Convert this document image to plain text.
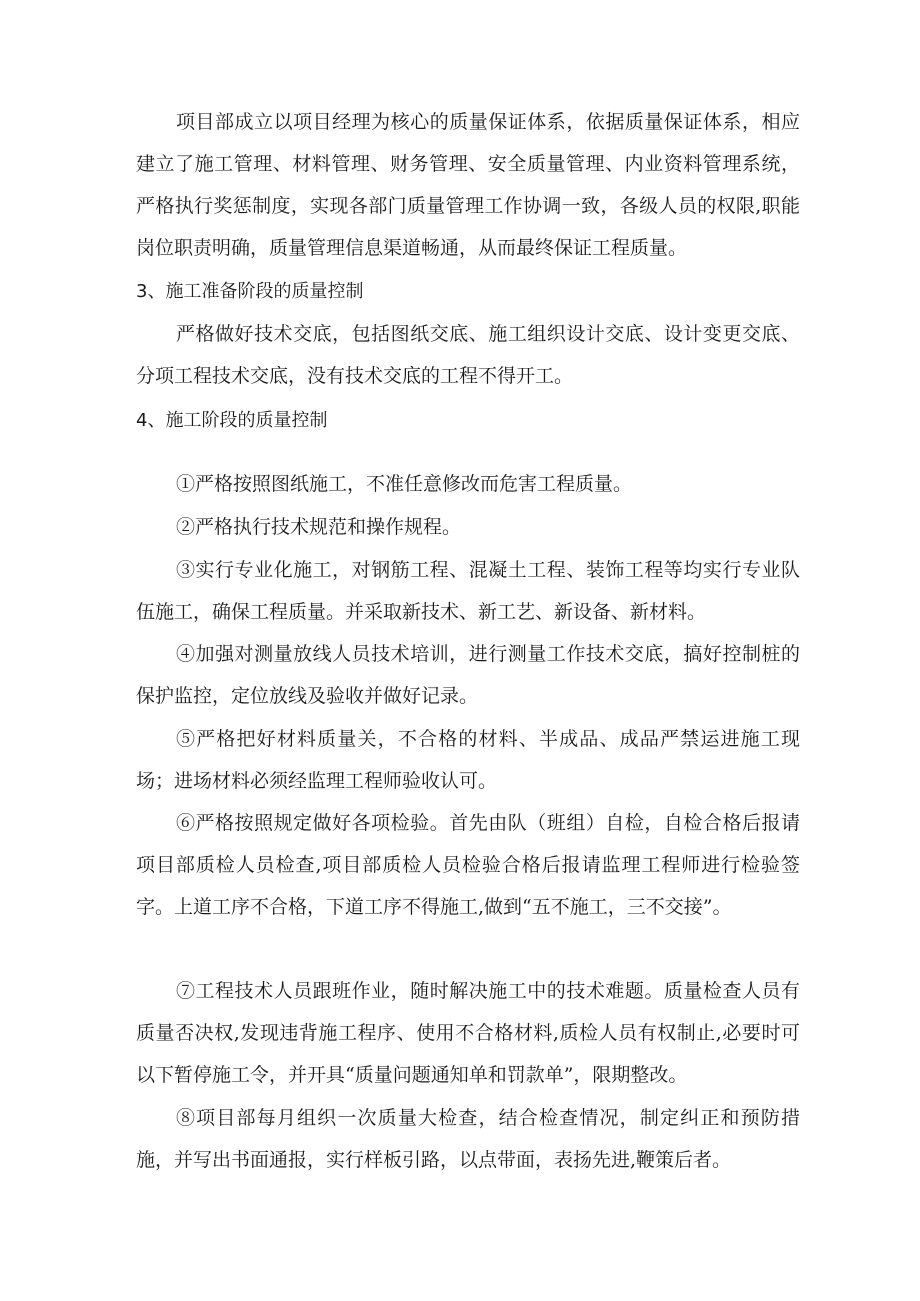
项目部成立以项目经理为核心的质量保证体系，依据质量保证体系，相应建立了施工管理、材料管理、财务管理、安全质量管理、内业资料管理系统，严格执行奖惩制度，实现各部门质量管理工作协调一致，各级人员的权限,职能岗位职责明确，质量管理信息渠道畅通，从而最终保证工程质量。

3、施工准备阶段的质量控制

严格做好技术交底，包括图纸交底、施工组织设计交底、设计变更交底、分项工程技术交底，没有技术交底的工程不得开工。

4、施工阶段的质量控制

①严格按照图纸施工，不准任意修改而危害工程质量。

②严格执行技术规范和操作规程。

③实行专业化施工，对钢筋工程、混凝土工程、装饰工程等均实行专业队伍施工，确保工程质量。并采取新技术、新工艺、新设备、新材料。

④加强对测量放线人员技术培训，进行测量工作技术交底，搞好控制桩的保护监控，定位放线及验收并做好记录。

⑤严格把好材料质量关，不合格的材料、半成品、成品严禁运进施工现场；进场材料必须经监理工程师验收认可。

⑥严格按照规定做好各项检验。首先由队（班组）自检，自检合格后报请项目部质检人员检查,项目部质检人员检验合格后报请监理工程师进行检验签字。上道工序不合格，下道工序不得施工,做到“五不施工，三不交接”。

⑦工程技术人员跟班作业，随时解决施工中的技术难题。质量检查人员有质量否决权,发现违背施工程序、使用不合格材料,质检人员有权制止,必要时可以下暂停施工令，并开具“质量问题通知单和罚款单”，限期整改。

⑧项目部每月组织一次质量大检查，结合检查情况，制定纠正和预防措施，并写出书面通报，实行样板引路，以点带面，表扬先进,鞭策后者。
